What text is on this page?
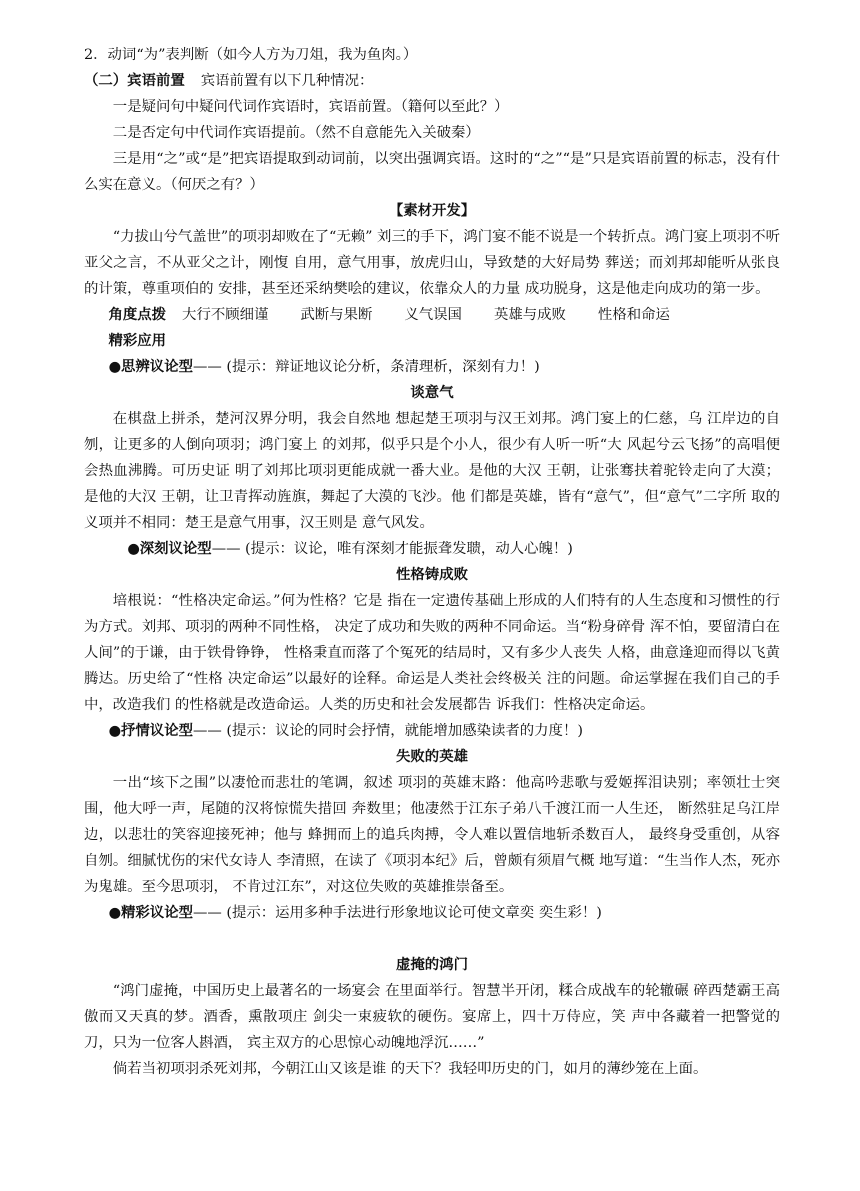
2．动词“为”表判断（如今人方为刀俎，我为鱼肉。）

（二）宾语前置 宾语前置有以下几种情况：

一是疑问句中疑问代词作宾语时，宾语前置。（籍何以至此？）

二是否定句中代词作宾语提前。（然不自意能先入关破秦）

三是用“之”或“是”把宾语提取到动词前，以突出强调宾语。这时的“之”“是”只是宾语前置的标志，没有什么实在意义。（何厌之有？）

【素材开发】

“力拔山兮气盖世”的项羽却败在了“无赖” 刘三的手下，鸿门宴不能不说是一个转折点。鸿门宴上项羽不听亚父之言，不从亚父之计，刚愎 自用，意气用事，放虎归山，导致楚的大好局势 葬送；而刘邦却能听从张良的计策，尊重项伯的 安排，甚至还采纳樊哙的建议，依靠众人的力量 成功脱身，这是他走向成功的第一步。

角度点拨 大行不顾细谨 武断与果断 义气误国 英雄与成败 性格和命运

精彩应用

●思辨议论型—— (提示：辩证地议论分析，条清理析，深刻有力！)

谈意气

在棋盘上拼杀，楚河汉界分明，我会自然地 想起楚王项羽与汉王刘邦。鸿门宴上的仁慈，乌 江岸边的自刎，让更多的人倒向项羽；鸿门宴上 的刘邦，似乎只是个小人，很少有人听一听“大 风起兮云飞扬”的高唱便会热血沸腾。可历史证 明了刘邦比项羽更能成就一番大业。是他的大汉 王朝，让张骞扶着驼铃走向了大漠；是他的大汉 王朝，让卫青挥动旌旗，舞起了大漠的飞沙。他 们都是英雄，皆有“意气”，但“意气”二字所 取的义项并不相同：楚王是意气用事，汉王则是 意气风发。

●深刻议论型—— (提示：议论，唯有深刻才能振聋发聩，动人心魄！)

性格铸成败

培根说：“性格决定命运。”何为性格？它是 指在一定遗传基础上形成的人们特有的人生态度和习惯性的行为方式。刘邦、项羽的两种不同性格， 决定了成功和失败的两种不同命运。当“粉身碎骨 浑不怕，要留清白在人间”的于谦，由于铁骨铮铮， 性格秉直而落了个冤死的结局时，又有多少人丧失 人格，曲意逢迎而得以飞黄腾达。历史给了“性格 决定命运”以最好的诠释。命运是人类社会终极关 注的问题。命运掌握在我们自己的手中，改造我们 的性格就是改造命运。人类的历史和社会发展都告 诉我们：性格决定命运。

●抒情议论型—— (提示：议论的同时会抒情，就能增加感染读者的力度！)

失败的英雄

一出“垓下之围”以凄怆而悲壮的笔调，叙述 项羽的英雄末路：他高吟悲歌与爱姬挥泪诀别；率领壮士突围，他大呼一声，尾随的汉将惊慌失措回 奔数里；他凄然于江东子弟八千渡江而一人生还， 断然驻足乌江岸边，以悲壮的笑容迎接死神；他与 蜂拥而上的追兵肉搏，令人难以置信地斩杀数百人， 最终身受重创，从容自刎。细腻忧伤的宋代女诗人 李清照，在读了《项羽本纪》后，曾颇有须眉气概 地写道：“生当作人杰，死亦为鬼雄。至今思项羽， 不肯过江东”，对这位失败的英雄推崇备至。

●精彩议论型—— (提示：运用多种手法进行形象地议论可使文章奕 奕生彩！)

虚掩的鸿门

“鸿门虚掩，中国历史上最著名的一场宴会 在里面举行。智慧半开闭，糅合成战车的轮辙碾 碎西楚霸王高傲而又天真的梦。酒香，熏散项庄 剑尖一束疲软的硬伤。宴席上，四十万侍应，笑 声中各藏着一把警觉的刀，只为一位客人斟酒， 宾主双方的心思惊心动魄地浮沉……”

倘若当初项羽杀死刘邦，今朝江山又该是谁 的天下？我轻叩历史的门，如月的薄纱笼在上面。
